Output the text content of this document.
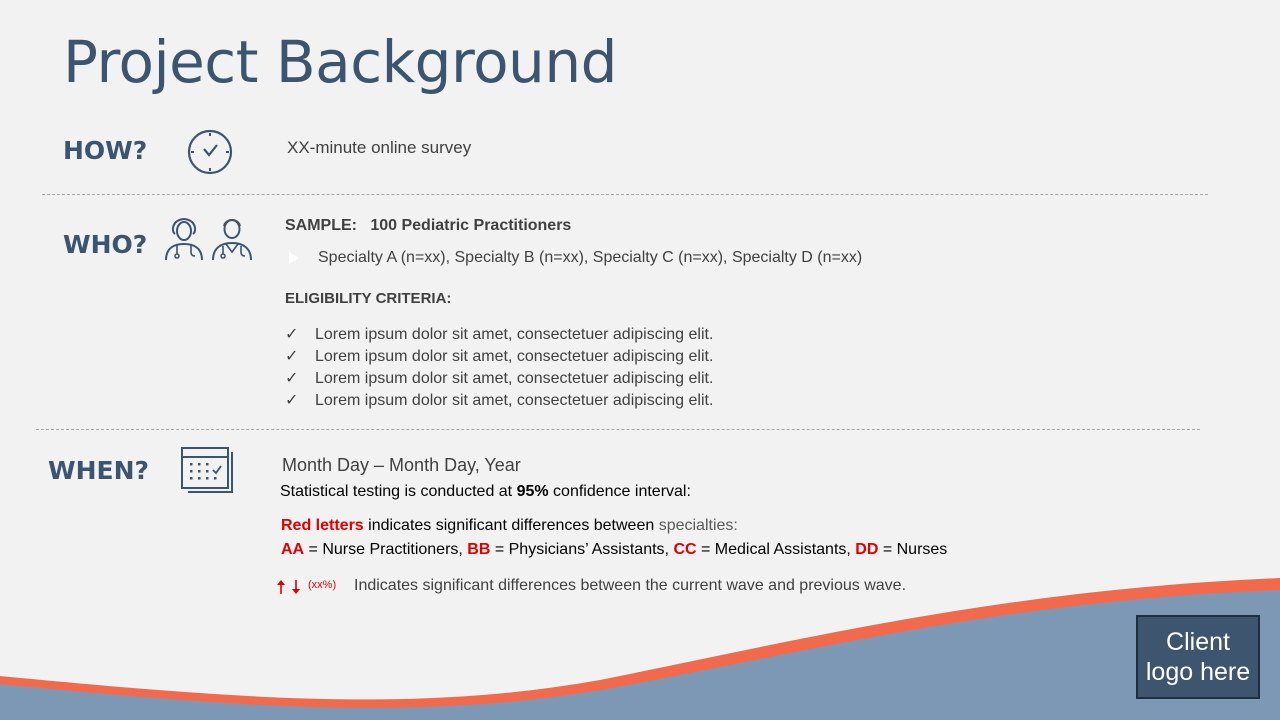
Project Background
HOW?	XX-minute online survey
WHO?
SAMPLE: 100 Pediatric Practitioners
Specialty A (n=xx), Specialty B (n=xx), Specialty C (n=xx), Specialty D (n=xx)
ELIGIBILITY CRITERIA:
✓ Lorem ipsum dolor sit amet, consectetuer adipiscing elit.
✓ Lorem ipsum dolor sit amet, consectetuer adipiscing elit.
✓ Lorem ipsum dolor sit amet, consectetuer adipiscing elit.
✓ Lorem ipsum dolor sit amet, consectetuer adipiscing elit.
WHEN?	Month Day – Month Day, Year
Statistical testing is conducted at 95% confidence interval:
Red letters indicates significant differences between specialties:
AA = Nurse Practitioners, BB = Physicians’ Assistants, CC = Medical Assistants, DD = Nurses
(xx%) Indicates significant differences between the current wave and previous wave.
Client
logo here
